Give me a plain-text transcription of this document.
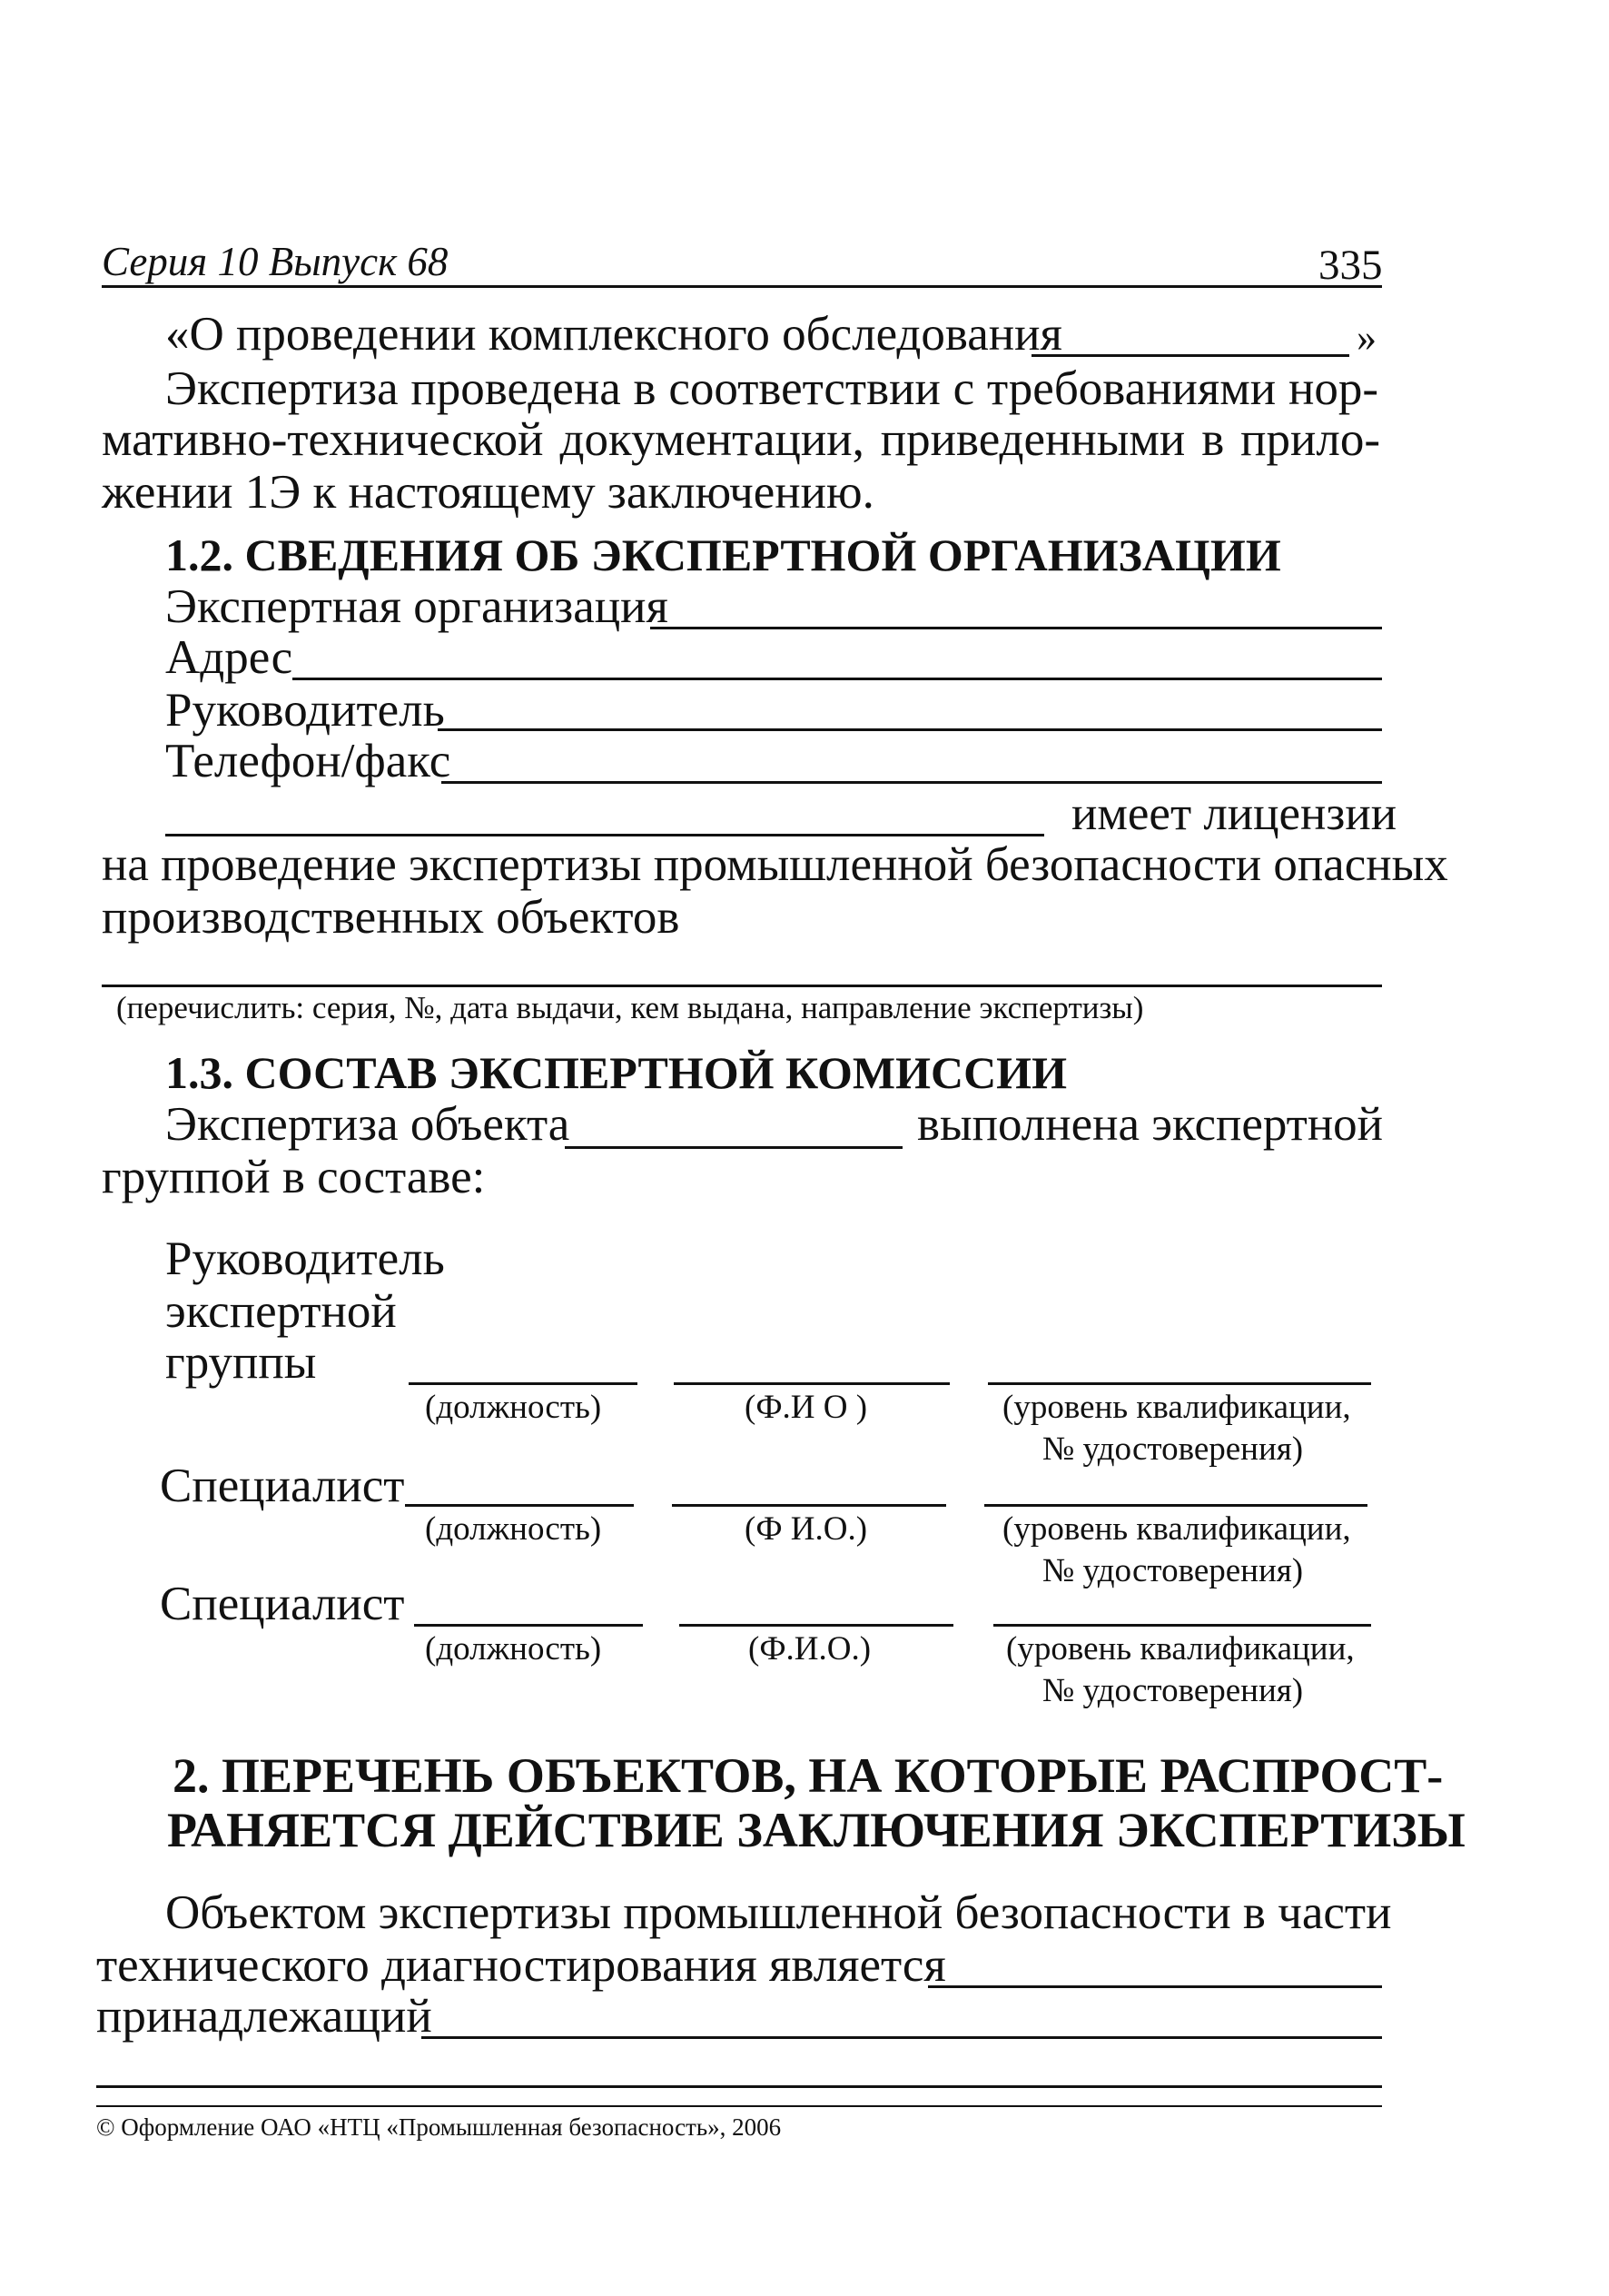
Серия 10 Выпуск 68	335
«О проведении комплексного обследования	»
Экспертиза проведена в соответствии с требованиями нор-
мативно-технической документации, приведенными в прило-
жении 1Э к настоящему заключению.
1.2. СВЕДЕНИЯ ОБ ЭКСПЕРТНОЙ ОРГАНИЗАЦИИ
Экспертная организация
Адрес
Руководитель
Телефон/факс
имеет лицензии
на проведение экспертизы промышленной безопасности опасных
производственных объектов
(перечислить: серия, №, дата выдачи, кем выдана, направление экспертизы)
1.3. СОСТАВ ЭКСПЕРТНОЙ КОМИССИИ
Экспертиза объекта	выполнена экспертной
группой в составе:
Руководитель
экспертной
группы
(должность)	(Ф.И О )	(уровень квалификации,
№ удостоверения)
Специалист
(должность)	(Ф И.О.)	(уровень квалификации,
№ удостоверения)
Специалист
(должность)	(Ф.И.О.)	(уровень квалификации,
№ удостоверения)
2. ПЕРЕЧЕНЬ ОБЪЕКТОВ, НА КОТОРЫЕ РАСПРОСТ-
РАНЯЕТСЯ ДЕЙСТВИЕ ЗАКЛЮЧЕНИЯ ЭКСПЕРТИЗЫ
Объектом экспертизы промышленной безопасности в части
технического диагностирования является
принадлежащий
© Оформление ОАО «НТЦ «Промышленная безопасность», 2006
